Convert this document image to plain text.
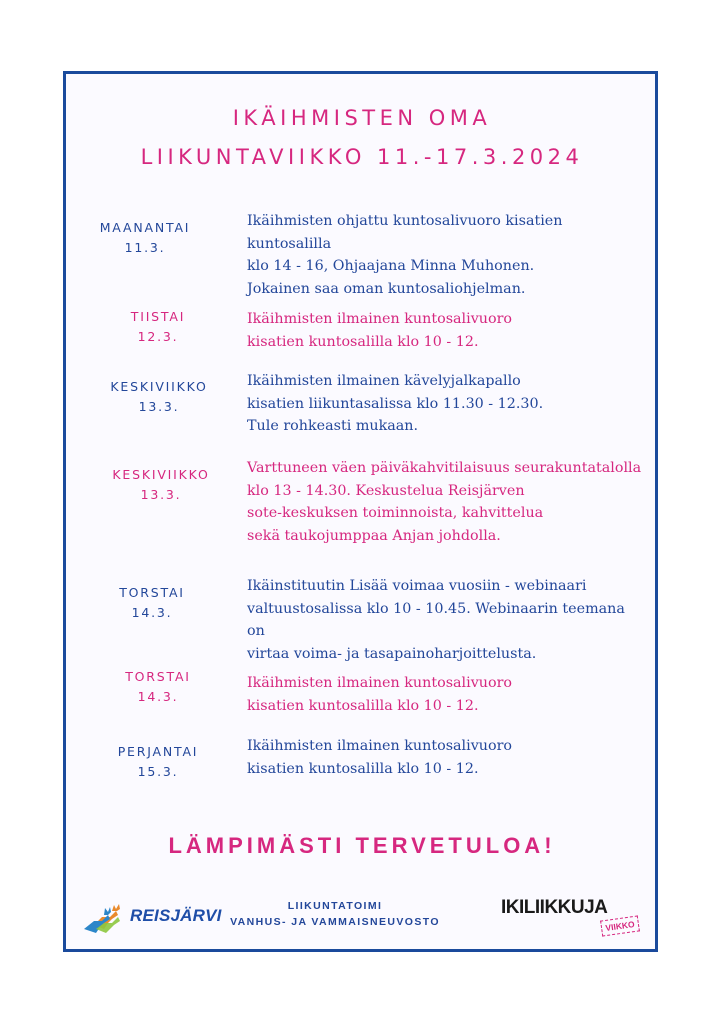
IKÄIHMISTEN OMA
LIIKUNTAVIIKKO 11.-17.3.2024
MAANANTAI
11.3.
Ikäihmisten ohjattu kuntosalivuoro kisatien kuntosalilla
klo 14 - 16, Ohjaajana Minna Muhonen.
Jokainen saa oman kuntosaliohjelman.
TIISTAI
12.3.
Ikäihmisten ilmainen kuntosalivuoro
kisatien kuntosalilla klo 10 - 12.
KESKIVIIKKO
13.3.
Ikäihmisten ilmainen kävelyjalkapallo
kisatien liikuntasalissa klo 11.30 - 12.30.
Tule rohkeasti mukaan.
KESKIVIIKKO
13.3.
Varttuneen väen päiväkahvitilaisuus seurakuntatalolla
klo 13 - 14.30. Keskustelua Reisjärven
sote-keskuksen toiminnoista, kahvittelua
sekä taukojumppaa Anjan johdolla.
TORSTAI
14.3.
Ikäinstituutin Lisää voimaa vuosiin - webinaari
valtuustosalissa klo 10 - 10.45. Webinaarin teemana on
virtaa voima- ja tasapainoharjoittelusta.
TORSTAI
14.3.
Ikäihmisten ilmainen kuntosalivuoro
kisatien kuntosalilla klo 10 - 12.
PERJANTAI
15.3.
Ikäihmisten ilmainen kuntosalivuoro
kisatien kuntosalilla klo 10 - 12.
LÄMPIMÄSTI TERVETULOA!
REISJÄRVI	LIIKUNTATOIMI
VANHUS- JA VAMMAISNEUVOSTO
IKILIIKKUJA
VIIKKO
